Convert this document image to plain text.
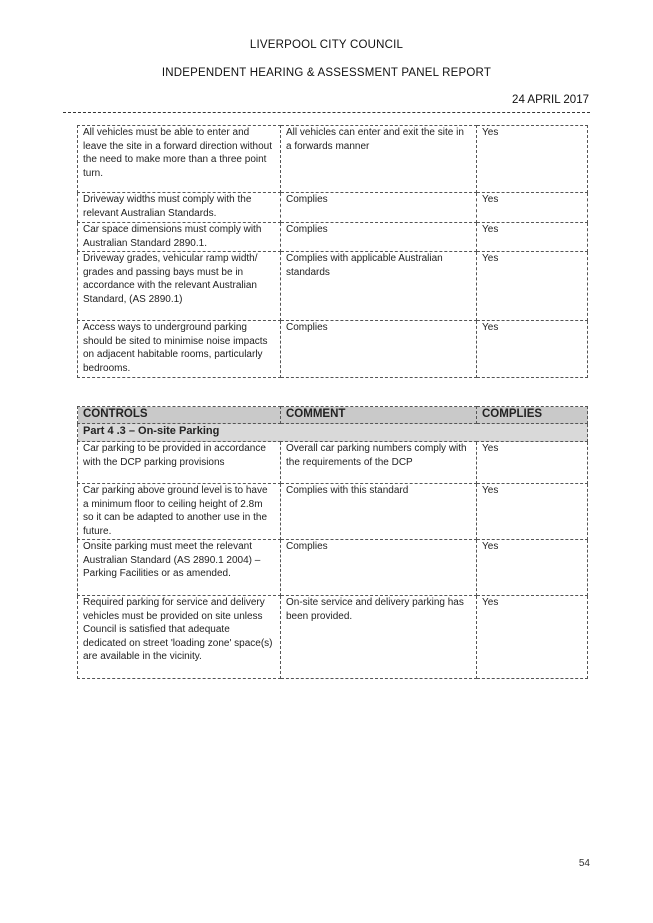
LIVERPOOL CITY COUNCIL
INDEPENDENT HEARING & ASSESSMENT PANEL REPORT
24 APRIL 2017
All vehicles must be able to enter and leave the site in a forward direction without the need to make more than a three point turn.	All vehicles can enter and exit the site in a forwards manner	Yes
Driveway widths must comply with the relevant Australian Standards.	Complies	Yes
Car space dimensions must comply with Australian Standard 2890.1.	Complies	Yes
Driveway grades, vehicular ramp width/ grades and passing bays must be in accordance with the relevant Australian Standard, (AS 2890.1)	Complies with applicable Australian standards	Yes
Access ways to underground parking should be sited to minimise noise impacts on adjacent habitable rooms, particularly bedrooms.	Complies	Yes
CONTROLS	COMMENT	COMPLIES
Part 4 .3 – On-site Parking		
Car parking to be provided in accordance with the DCP parking provisions	Overall car parking numbers comply with the requirements of the DCP	Yes
Car parking above ground level is to have a minimum floor to ceiling height of 2.8m so it can be adapted to another use in the future.	Complies with this standard	Yes
Onsite parking must meet the relevant Australian Standard (AS 2890.1 2004) – Parking Facilities or as amended.	Complies	Yes
Required parking for service and delivery vehicles must be provided on site unless Council is satisfied that adequate dedicated on street 'loading zone' space(s) are available in the vicinity.	On-site service and delivery parking has been provided.	Yes
54
